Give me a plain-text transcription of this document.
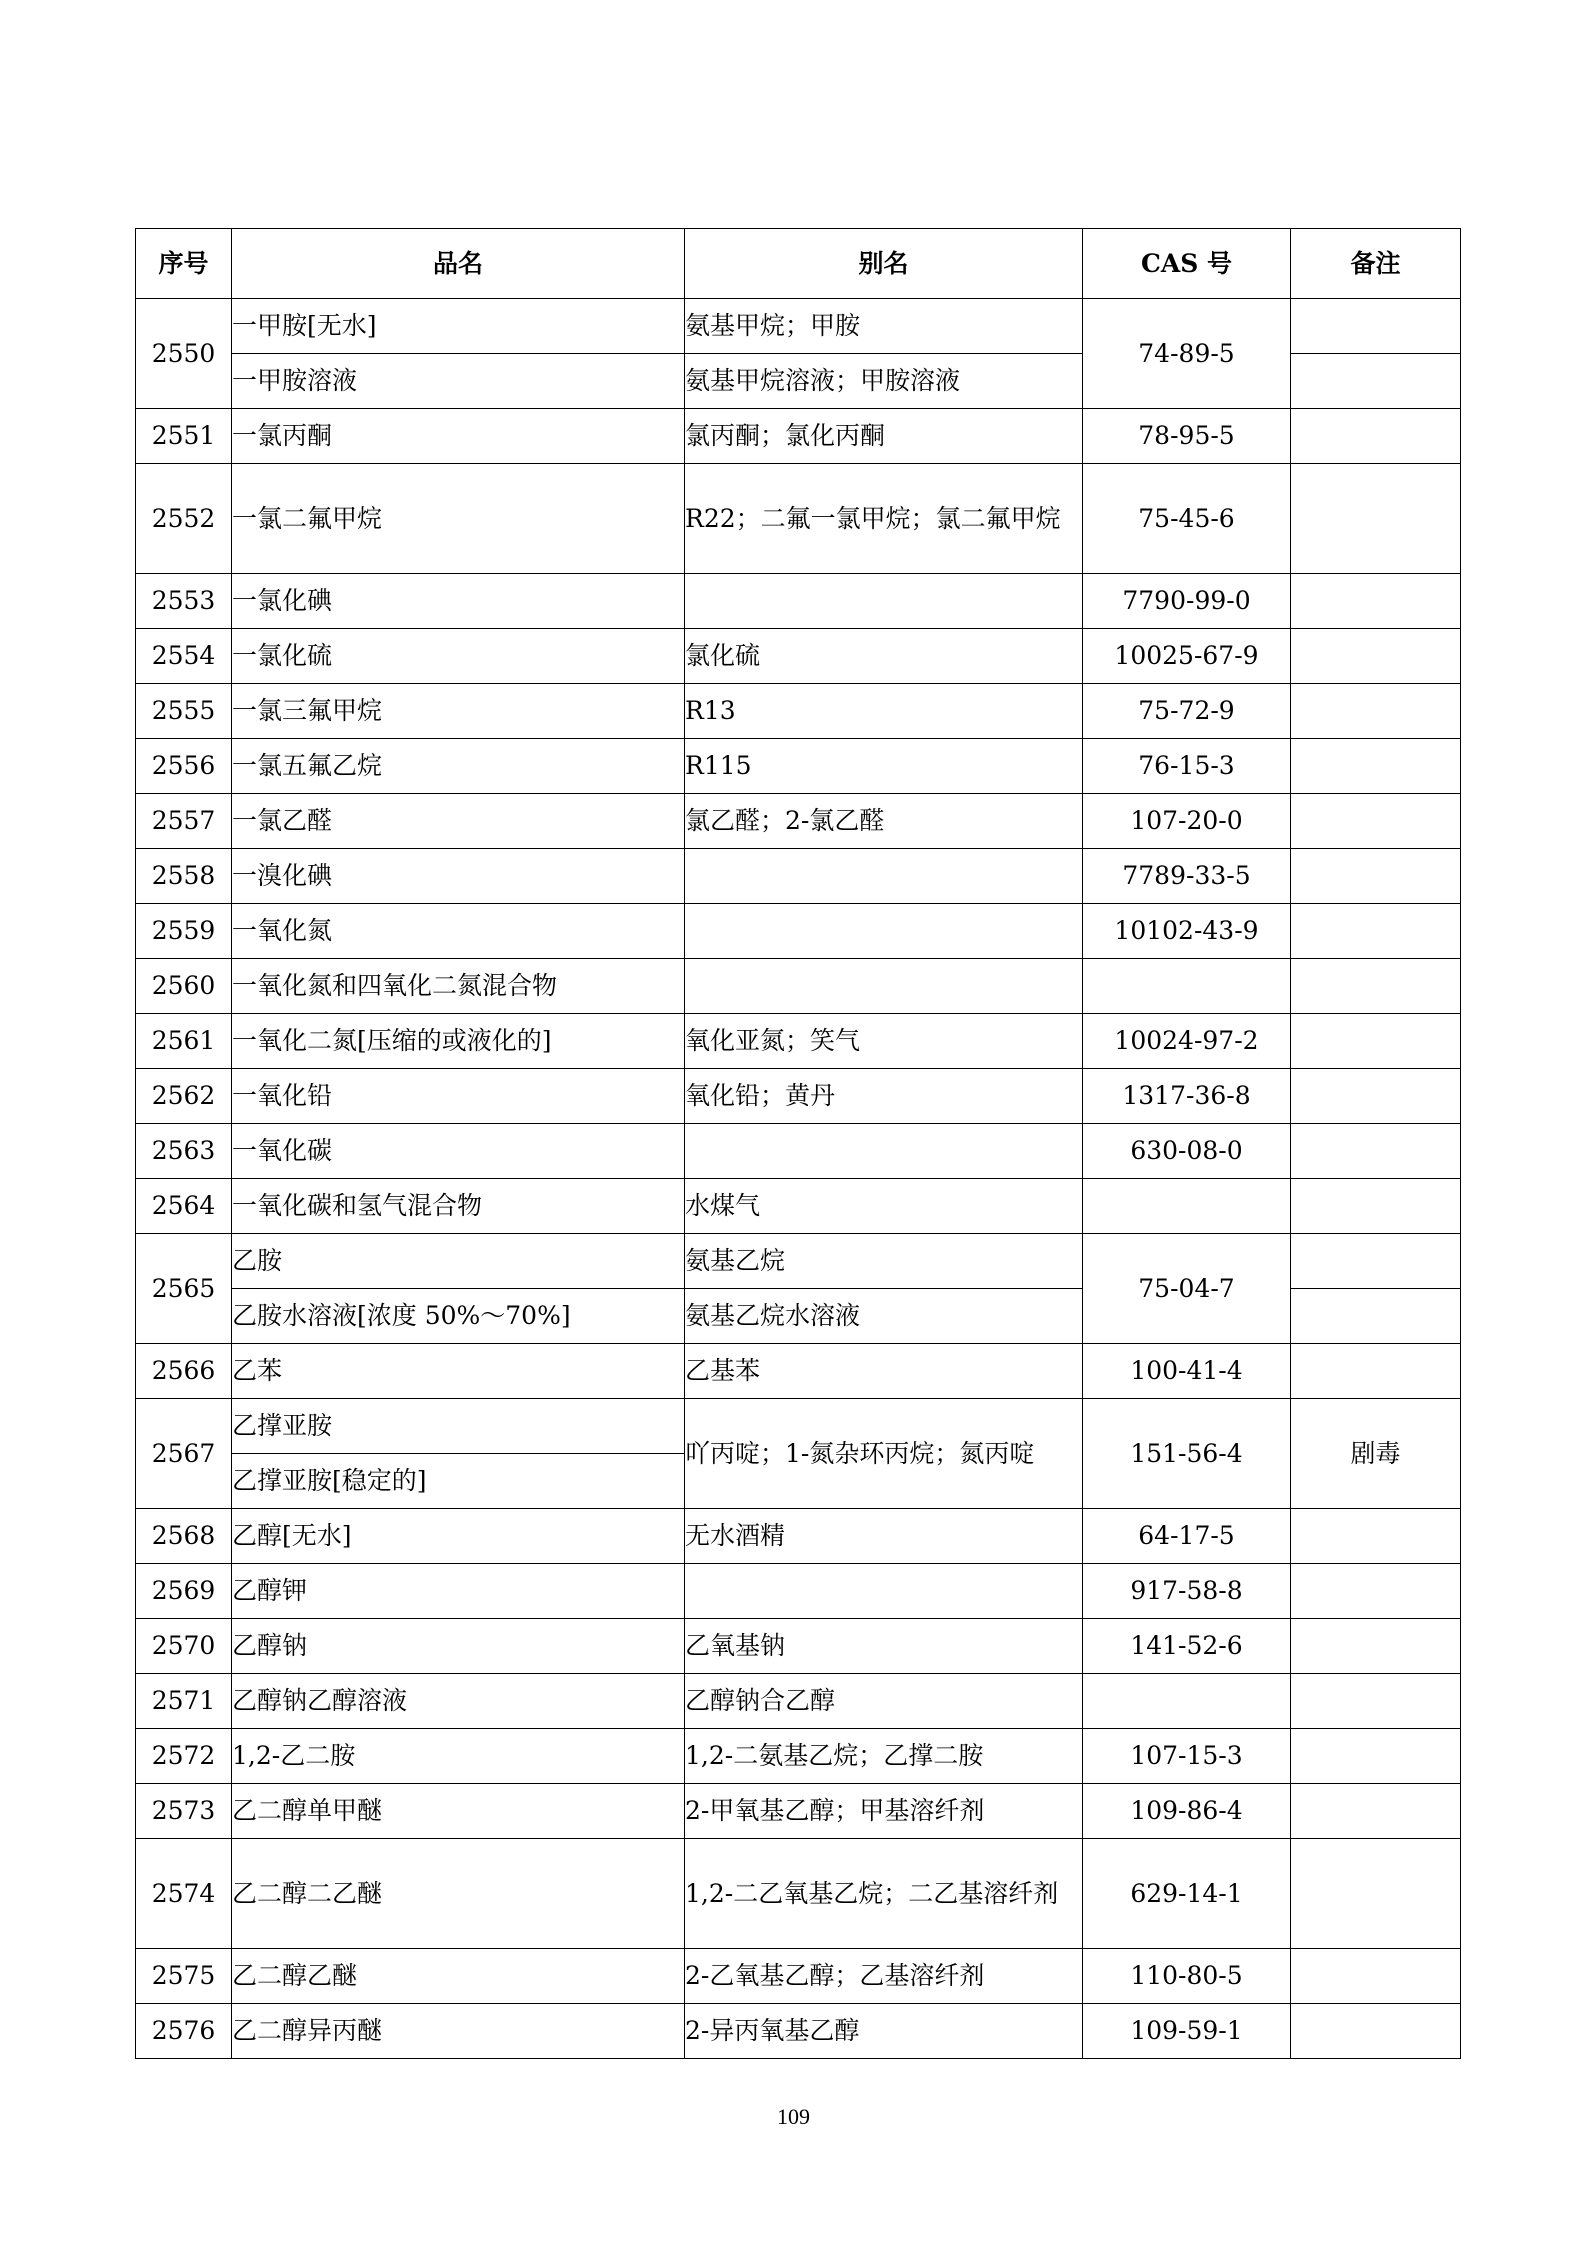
序号	品名	别名	CAS 号	备注
2550	一甲胺[无水]	氨基甲烷；甲胺	74-89-5	
	一甲胺溶液	氨基甲烷溶液；甲胺溶液		
2551	一氯丙酮	氯丙酮；氯化丙酮	78-95-5	
2552	一氯二氟甲烷	R22；二氟一氯甲烷；氯二氟甲烷	75-45-6	
2553	一氯化碘		7790-99-0	
2554	一氯化硫	氯化硫	10025-67-9	
2555	一氯三氟甲烷	R13	75-72-9	
2556	一氯五氟乙烷	R115	76-15-3	
2557	一氯乙醛	氯乙醛；2-氯乙醛	107-20-0	
2558	一溴化碘		7789-33-5	
2559	一氧化氮		10102-43-9	
2560	一氧化氮和四氧化二氮混合物			
2561	一氧化二氮[压缩的或液化的]	氧化亚氮；笑气	10024-97-2	
2562	一氧化铅	氧化铅；黄丹	1317-36-8	
2563	一氧化碳		630-08-0	
2564	一氧化碳和氢气混合物	水煤气		
2565	乙胺	氨基乙烷	75-04-7	
	乙胺水溶液[浓度 50%～70%]	氨基乙烷水溶液		
2566	乙苯	乙基苯	100-41-4	
2567	乙撑亚胺	吖丙啶；1-氮杂环丙烷；氮丙啶	151-56-4	剧毒
	乙撑亚胺[稳定的]			
2568	乙醇[无水]	无水酒精	64-17-5	
2569	乙醇钾		917-58-8	
2570	乙醇钠	乙氧基钠	141-52-6	
2571	乙醇钠乙醇溶液	乙醇钠合乙醇		
2572	1,2-乙二胺	1,2-二氨基乙烷；乙撑二胺	107-15-3	
2573	乙二醇单甲醚	2-甲氧基乙醇；甲基溶纤剂	109-86-4	
2574	乙二醇二乙醚	1,2-二乙氧基乙烷；二乙基溶纤剂	629-14-1	
2575	乙二醇乙醚	2-乙氧基乙醇；乙基溶纤剂	110-80-5	
2576	乙二醇异丙醚	2-异丙氧基乙醇	109-59-1	
109
